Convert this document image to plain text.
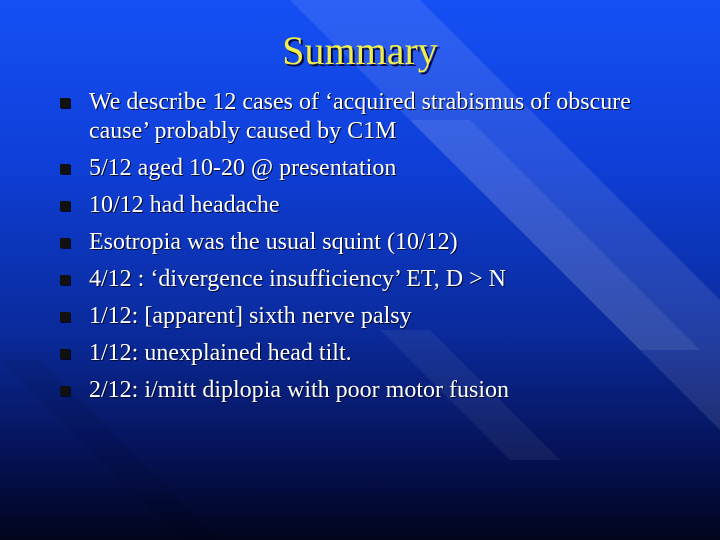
Summary
We describe 12 cases of ‘acquired strabismus of obscure cause’ probably caused by C1M
5/12 aged 10-20 @ presentation
10/12 had headache
Esotropia was the usual squint (10/12)
4/12 : ‘divergence insufficiency’ ET, D > N
1/12: [apparent] sixth nerve palsy
1/12: unexplained head tilt.
2/12: i/mitt diplopia with poor motor fusion
